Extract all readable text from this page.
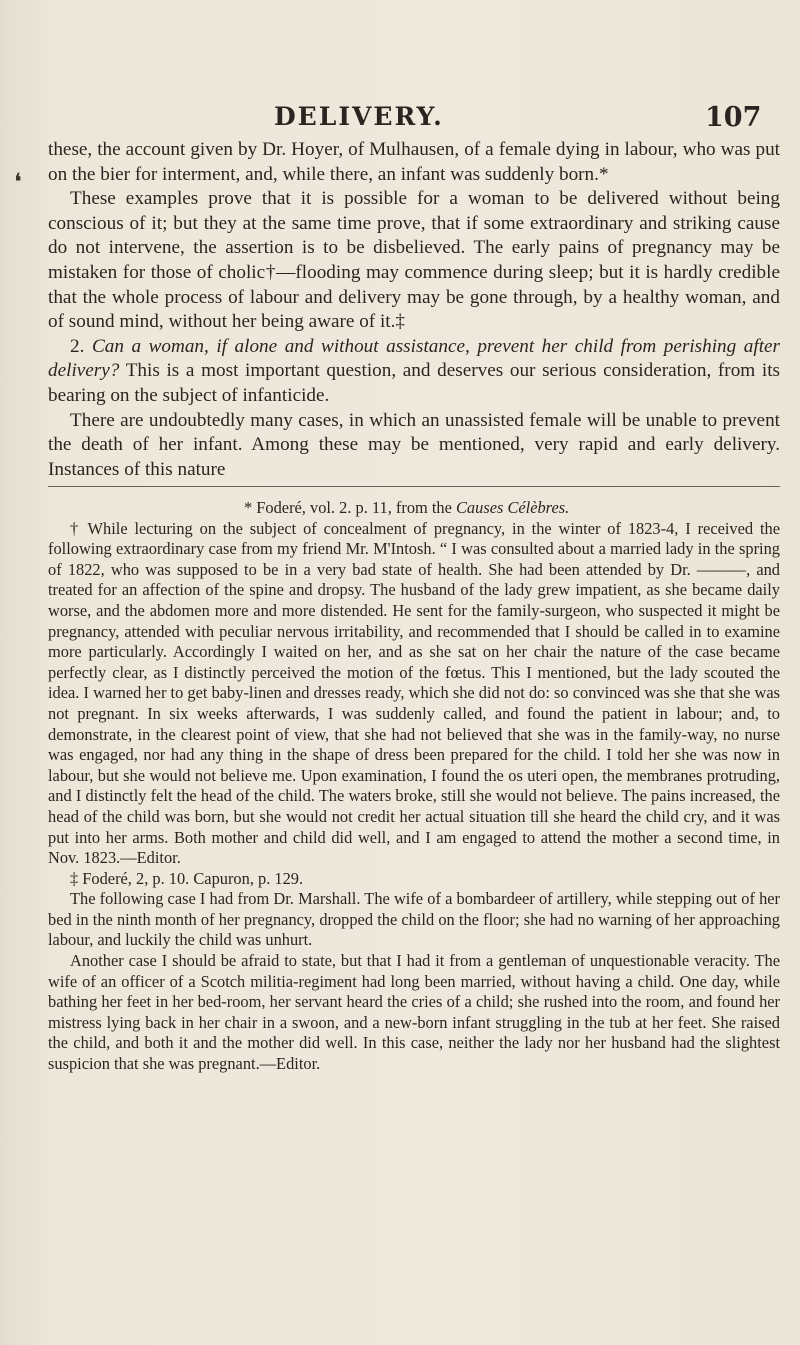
DELIVERY.	107
❛

these, the account given by Dr. Hoyer, of Mulhausen, of a female dying in labour, who was put on the bier for interment, and, while there, an infant was suddenly born.*

These examples prove that it is possible for a woman to be delivered without being conscious of it; but they at the same time prove, that if some extraordinary and striking cause do not intervene, the assertion is to be disbelieved. The early pains of pregnancy may be mistaken for those of cholic†—flooding may commence during sleep; but it is hardly credible that the whole process of labour and delivery may be gone through, by a healthy woman, and of sound mind, without her being aware of it.‡

2. Can a woman, if alone and without assistance, prevent her child from perishing after delivery? This is a most important question, and deserves our serious consideration, from its bearing on the subject of infanticide.

There are undoubtedly many cases, in which an unassisted female will be unable to prevent the death of her infant. Among these may be mentioned, very rapid and early delivery. Instances of this nature

* Foderé, vol. 2. p. 11, from the Causes Célèbres.

† While lecturing on the subject of concealment of pregnancy, in the winter of 1823-4, I received the following extraordinary case from my friend Mr. M'Intosh. “ I was consulted about a married lady in the spring of 1822, who was supposed to be in a very bad state of health. She had been attended by Dr. ———, and treated for an affection of the spine and dropsy. The husband of the lady grew impatient, as she became daily worse, and the abdomen more and more distended. He sent for the family-surgeon, who suspected it might be pregnancy, attended with peculiar nervous irritability, and recommended that I should be called in to examine more particularly. Accordingly I waited on her, and as she sat on her chair the nature of the case became perfectly clear, as I distinctly perceived the motion of the fœtus. This I mentioned, but the lady scouted the idea. I warned her to get baby-linen and dresses ready, which she did not do: so convinced was she that she was not pregnant. In six weeks afterwards, I was suddenly called, and found the patient in labour; and, to demonstrate, in the clearest point of view, that she had not believed that she was in the family-way, no nurse was engaged, nor had any thing in the shape of dress been prepared for the child. I told her she was now in labour, but she would not believe me. Upon examination, I found the os uteri open, the membranes protruding, and I distinctly felt the head of the child. The waters broke, still she would not believe. The pains increased, the head of the child was born, but she would not credit her actual situation till she heard the child cry, and it was put into her arms. Both mother and child did well, and I am engaged to attend the mother a second time, in Nov. 1823.—Editor.

‡ Foderé, 2, p. 10. Capuron, p. 129.

The following case I had from Dr. Marshall. The wife of a bombardeer of artillery, while stepping out of her bed in the ninth month of her pregnancy, dropped the child on the floor; she had no warning of her approaching labour, and luckily the child was unhurt.

Another case I should be afraid to state, but that I had it from a gentleman of unquestionable veracity. The wife of an officer of a Scotch militia-regiment had long been married, without having a child. One day, while bathing her feet in her bed-room, her servant heard the cries of a child; she rushed into the room, and found her mistress lying back in her chair in a swoon, and a new-born infant struggling in the tub at her feet. She raised the child, and both it and the mother did well. In this case, neither the lady nor her husband had the slightest suspicion that she was pregnant.—Editor.
